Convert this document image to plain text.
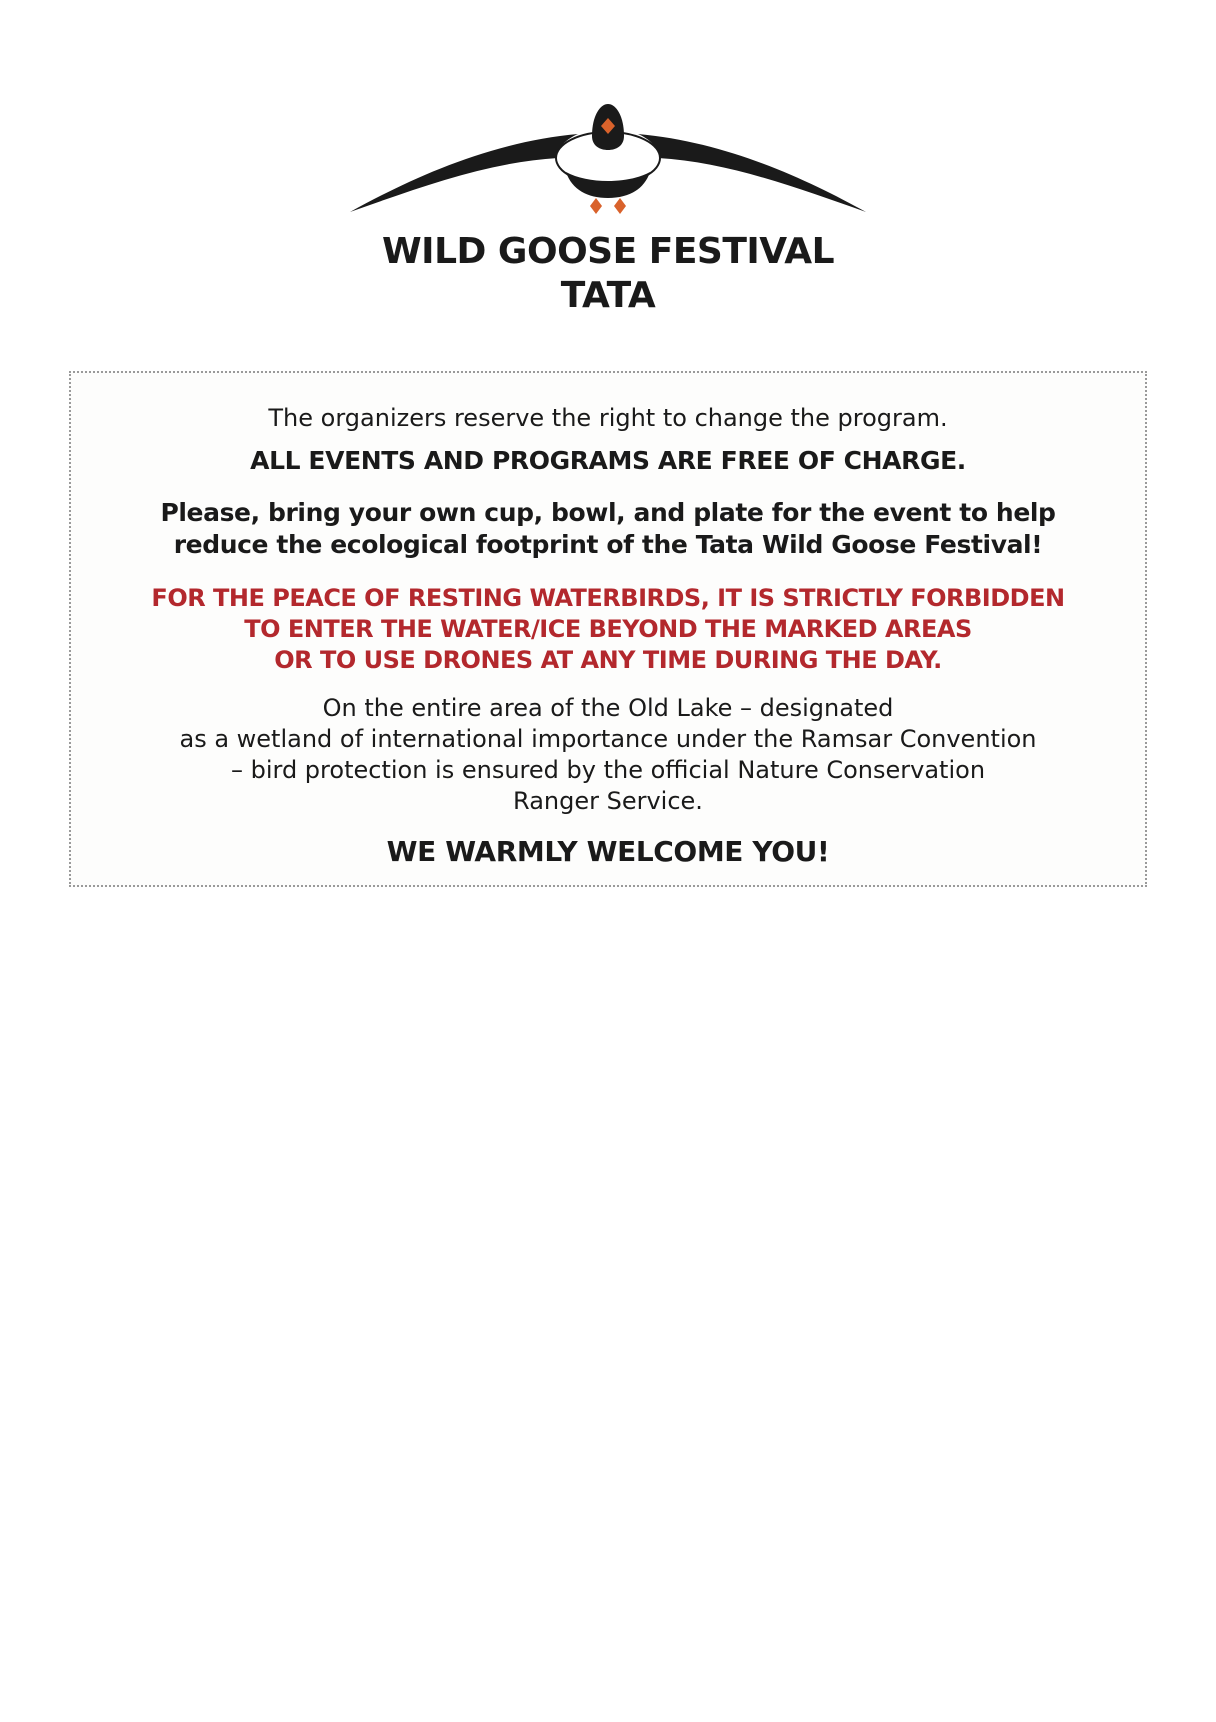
WILD GOOSE FESTIVAL
TATA
The organizers reserve the right to change the program.
ALL EVENTS AND PROGRAMS ARE FREE OF CHARGE.
Please, bring your own cup, bowl, and plate for the event to help
reduce the ecological footprint of the Tata Wild Goose Festival!
FOR THE PEACE OF RESTING WATERBIRDS, IT IS STRICTLY FORBIDDEN
TO ENTER THE WATER/ICE BEYOND THE MARKED AREAS
OR TO USE DRONES AT ANY TIME DURING THE DAY.
On the entire area of the Old Lake – designated
as a wetland of international importance under the Ramsar Convention
– bird protection is ensured by the official Nature Conservation
Ranger Service.
WE WARMLY WELCOME YOU!
